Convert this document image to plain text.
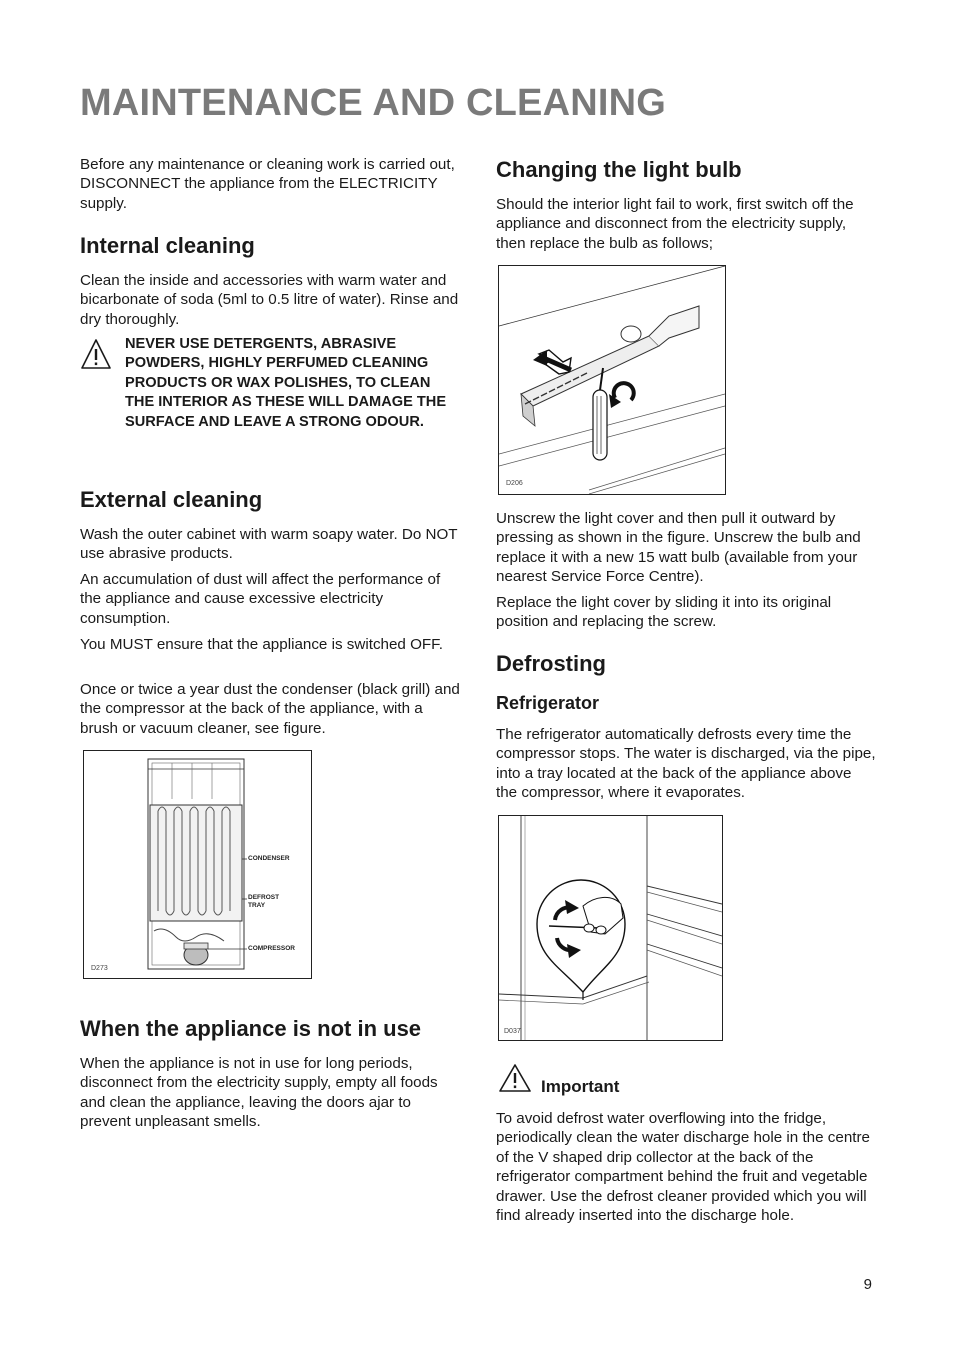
MAINTENANCE AND CLEANING

Before any maintenance or cleaning work is carried out, DISCONNECT the appliance from the ELECTRICITY supply.

Internal cleaning

Clean the inside and accessories with warm water and bicarbonate of soda (5ml to 0.5 litre of water). Rinse and dry thoroughly.

NEVER USE DETERGENTS, ABRASIVE POWDERS, HIGHLY PERFUMED CLEANING PRODUCTS OR WAX POLISHES, TO CLEAN THE INTERIOR AS THESE WILL DAMAGE THE SURFACE AND LEAVE A STRONG ODOUR.

External cleaning

Wash the outer cabinet with warm soapy water. Do NOT use abrasive products.

An accumulation of dust will affect the performance of the appliance and cause excessive electricity consumption.

You MUST ensure that the appliance is switched OFF.

Once or twice a year dust the condenser (black grill) and the compressor at the back of the appliance, with a brush or vacuum cleaner, see figure.

CONDENSER
DEFROST
TRAY
COMPRESSOR
D273
When the appliance is not in use

When the appliance is not in use for long periods, disconnect from the electricity supply, empty all foods and clean the appliance, leaving the doors ajar to prevent unpleasant smells.

Changing the light bulb

Should the interior light fail to work, first switch off the appliance and disconnect from the electricity supply, then replace the bulb as follows;

D206

Unscrew the light cover and then pull it outward by pressing as shown in the figure. Unscrew the bulb and replace it with a new 15 watt bulb (available from your nearest Service Force Centre).

Replace the light cover by sliding it into its original position and replacing the screw.

Defrosting
Refrigerator

The refrigerator automatically defrosts every time the compressor stops. The water is discharged, via the pipe, into a tray located at the back of the appliance above the compressor, where it evaporates.

D037
Important

To avoid defrost water overflowing into the fridge, periodically clean the water discharge hole in the centre of the V shaped drip collector at the back of the refrigerator compartment behind the fruit and vegetable drawer. Use the defrost cleaner provided which you will find already inserted into the discharge hole.

9
